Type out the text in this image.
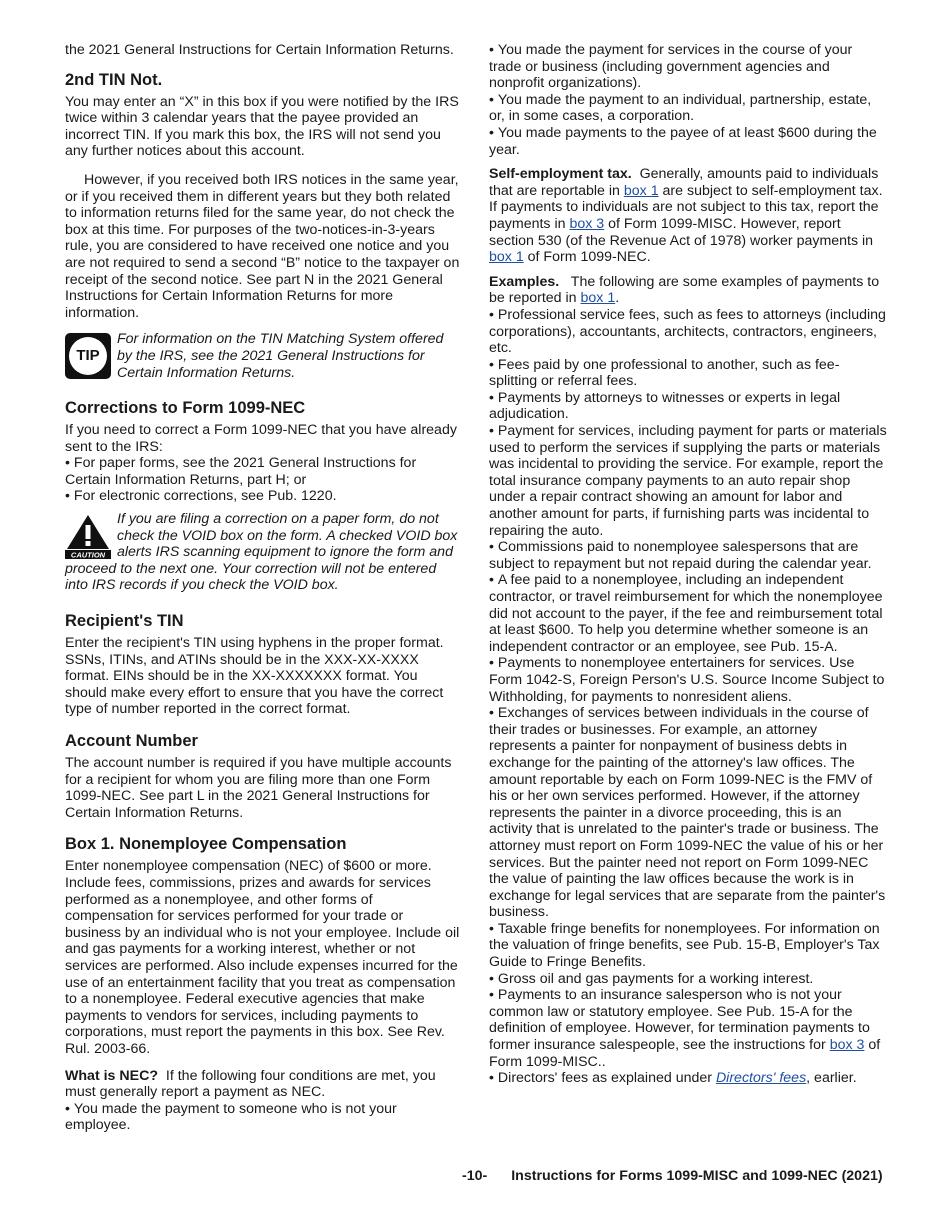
the 2021 General Instructions for Certain Information Returns.

2nd TIN Not.

You may enter an “X” in this box if you were notified by the IRS twice within 3 calendar years that the payee provided an incorrect TIN. If you mark this box, the IRS will not send you any further notices about this account.

However, if you received both IRS notices in the same year, or if you received them in different years but they both related to information returns filed for the same year, do not check the box at this time. For purposes of the two-notices-in-3-years rule, you are considered to have received one notice and you are not required to send a second “B” notice to the taxpayer on receipt of the second notice. See part N in the 2021 General Instructions for Certain Information Returns for more information.

TIP
For information on the TIN Matching System offered by the IRS, see the 2021 General Instructions for Certain Information Returns.
Corrections to Form 1099-NEC

If you need to correct a Form 1099-NEC that you have already sent to the IRS:

• For paper forms, see the 2021 General Instructions for Certain Information Returns, part H; or

• For electronic corrections, see Pub. 1220.

CAUTION
If you are filing a correction on a paper form, do not check the VOID box on the form. A checked VOID box alerts IRS scanning equipment to ignore the form and proceed to the next one. Your correction will not be entered into IRS records if you check the VOID box.
Recipient's TIN

Enter the recipient's TIN using hyphens in the proper format. SSNs, ITINs, and ATINs should be in the XXX-XX-XXXX format. EINs should be in the XX-XXXXXXX format. You should make every effort to ensure that you have the correct type of number reported in the correct format.

Account Number

The account number is required if you have multiple accounts for a recipient for whom you are filing more than one Form 1099-NEC. See part L in the 2021 General Instructions for Certain Information Returns.

Box 1. Nonemployee Compensation

Enter nonemployee compensation (NEC) of $600 or more. Include fees, commissions, prizes and awards for services performed as a nonemployee, and other forms of compensation for services performed for your trade or business by an individual who is not your employee. Include oil and gas payments for a working interest, whether or not services are performed. Also include expenses incurred for the use of an entertainment facility that you treat as compensation to a nonemployee. Federal executive agencies that make payments to vendors for services, including payments to corporations, must report the payments in this box. See Rev. Rul. 2003-66.

What is NEC? If the following four conditions are met, you must generally report a payment as NEC.

• You made the payment to someone who is not your employee.

• You made the payment for services in the course of your trade or business (including government agencies and nonprofit organizations).

• You made the payment to an individual, partnership, estate, or, in some cases, a corporation.

• You made payments to the payee of at least $600 during the year.

Self-employment tax. Generally, amounts paid to individuals that are reportable in box 1 are subject to self-employment tax. If payments to individuals are not subject to this tax, report the payments in box 3 of Form 1099-MISC. However, report section 530 (of the Revenue Act of 1978) worker payments in box 1 of Form 1099-NEC.

Examples. The following are some examples of payments to be reported in box 1.

• Professional service fees, such as fees to attorneys (including corporations), accountants, architects, contractors, engineers, etc.

• Fees paid by one professional to another, such as fee-splitting or referral fees.

• Payments by attorneys to witnesses or experts in legal adjudication.

• Payment for services, including payment for parts or materials used to perform the services if supplying the parts or materials was incidental to providing the service. For example, report the total insurance company payments to an auto repair shop under a repair contract showing an amount for labor and another amount for parts, if furnishing parts was incidental to repairing the auto.

• Commissions paid to nonemployee salespersons that are subject to repayment but not repaid during the calendar year.

• A fee paid to a nonemployee, including an independent contractor, or travel reimbursement for which the nonemployee did not account to the payer, if the fee and reimbursement total at least $600. To help you determine whether someone is an independent contractor or an employee, see Pub. 15-A.

• Payments to nonemployee entertainers for services. Use Form 1042-S, Foreign Person's U.S. Source Income Subject to Withholding, for payments to nonresident aliens.

• Exchanges of services between individuals in the course of their trades or businesses. For example, an attorney represents a painter for nonpayment of business debts in exchange for the painting of the attorney's law offices. The amount reportable by each on Form 1099-NEC is the FMV of his or her own services performed. However, if the attorney represents the painter in a divorce proceeding, this is an activity that is unrelated to the painter's trade or business. The attorney must report on Form 1099-NEC the value of his or her services. But the painter need not report on Form 1099-NEC the value of painting the law offices because the work is in exchange for legal services that are separate from the painter's business.

• Taxable fringe benefits for nonemployees. For information on the valuation of fringe benefits, see Pub. 15-B, Employer's Tax Guide to Fringe Benefits.

• Gross oil and gas payments for a working interest.

• Payments to an insurance salesperson who is not your common law or statutory employee. See Pub. 15-A for the definition of employee. However, for termination payments to former insurance salespeople, see the instructions for box 3 of Form 1099-MISC..

• Directors' fees as explained under Directors' fees, earlier.

-10- Instructions for Forms 1099-MISC and 1099-NEC (2021)
